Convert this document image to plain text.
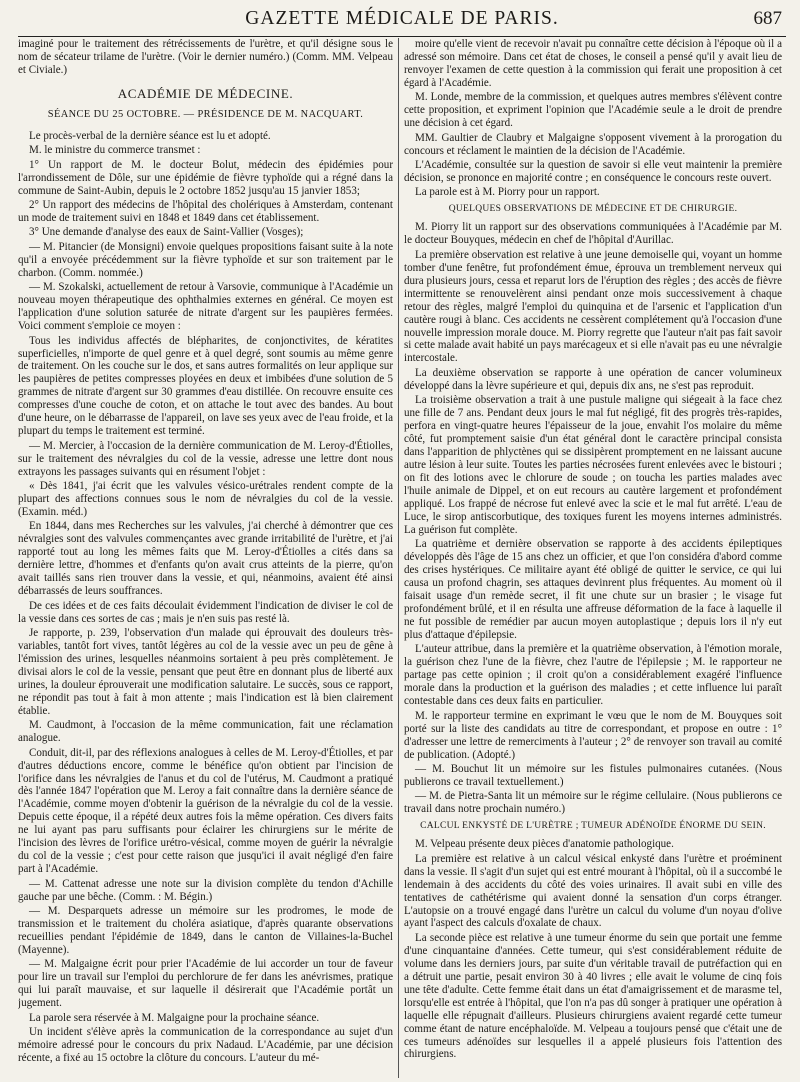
GAZETTE MÉDICALE DE PARIS.	687

imaginé pour le traitement des rétrécissements de l'urètre, et qu'il désigne sous le nom de sécateur trilame de l'urètre. (Voir le dernier numéro.) (Comm. MM. Velpeau et Civiale.)

ACADÉMIE DE MÉDECINE.
SÉANCE DU 25 OCTOBRE. — PRÉSIDENCE DE M. NACQUART.

Le procès-verbal de la dernière séance est lu et adopté.

M. le ministre du commerce transmet :

1° Un rapport de M. le docteur Bolut, médecin des épidémies pour l'arrondissement de Dôle, sur une épidémie de fièvre typhoïde qui a régné dans la commune de Saint-Aubin, depuis le 2 octobre 1852 jusqu'au 15 janvier 1853;

2° Un rapport des médecins de l'hôpital des cholériques à Amsterdam, contenant un mode de traitement suivi en 1848 et 1849 dans cet établissement.

3° Une demande d'analyse des eaux de Saint-Vallier (Vosges);

— M. Pitancier (de Monsigni) envoie quelques propositions faisant suite à la note qu'il a envoyée précédemment sur la fièvre typhoïde et sur son traitement par le charbon. (Comm. nommée.)

— M. Szokalski, actuellement de retour à Varsovie, communique à l'Académie un nouveau moyen thérapeutique des ophthalmies externes en général. Ce moyen est l'application d'une solution saturée de nitrate d'argent sur les paupières fermées. Voici comment s'emploie ce moyen :

Tous les individus affectés de blépharites, de conjonctivites, de kératites superficielles, n'importe de quel genre et à quel degré, sont soumis au même genre de traitement. On les couche sur le dos, et sans autres formalités on leur applique sur les paupières de petites compresses ployées en deux et imbibées d'une solution de 5 grammes de nitrate d'argent sur 30 grammes d'eau distillée. On recouvre ensuite ces compresses d'une couche de coton, et on attache le tout avec des bandes. Au bout d'une heure, on le débarrasse de l'appareil, on lave ses yeux avec de l'eau froide, et la plupart du temps le traitement est terminé.

— M. Mercier, à l'occasion de la dernière communication de M. Leroy-d'Étiolles, sur le traitement des névralgies du col de la vessie, adresse une lettre dont nous extrayons les passages suivants qui en résument l'objet :

« Dès 1841, j'ai écrit que les valvules vésico-urétrales rendent compte de la plupart des affections connues sous le nom de névralgies du col de la vessie. (Examin. méd.)

En 1844, dans mes Recherches sur les valvules, j'ai cherché à démontrer que ces névralgies sont des valvules commençantes avec grande irritabilité de l'urètre, et j'ai rapporté tout au long les mêmes faits que M. Leroy-d'Étiolles a cités dans sa dernière lettre, d'hommes et d'enfants qu'on avait crus atteints de la pierre, qu'on avait taillés sans rien trouver dans la vessie, et qui, néanmoins, avaient été ainsi débarrassés de leurs souffrances.

De ces idées et de ces faits découlait évidemment l'indication de diviser le col de la vessie dans ces sortes de cas ; mais je n'en suis pas resté là.

Je rapporte, p. 239, l'observation d'un malade qui éprouvait des douleurs très-variables, tantôt fort vives, tantôt légères au col de la vessie avec un peu de gêne à l'émission des urines, lesquelles néanmoins sortaient à peu près complètement. Je divisai alors le col de la vessie, pensant que peut être en donnant plus de liberté aux urines, la douleur éprouverait une modification salutaire. Le succès, sous ce rapport, ne répondit pas tout à fait à mon attente ; mais l'indication est là bien clairement établie.

M. Caudmont, à l'occasion de la même communication, fait une réclamation analogue.

Conduit, dit-il, par des réflexions analogues à celles de M. Leroy-d'Étiolles, et par d'autres déductions encore, comme le bénéfice qu'on obtient par l'incision de l'orifice dans les névralgies de l'anus et du col de l'utérus, M. Caudmont a pratiqué dès l'année 1847 l'opération que M. Leroy a fait connaître dans la dernière séance de l'Académie, comme moyen d'obtenir la guérison de la névralgie du col de la vessie. Depuis cette époque, il a répété deux autres fois la même opération. Ces divers faits ne lui ayant pas paru suffisants pour éclairer les chirurgiens sur le mérite de l'incision des lèvres de l'orifice urétro-vésical, comme moyen de guérir la névralgie du col de la vessie ; c'est pour cette raison que jusqu'ici il avait négligé d'en faire part à l'Académie.

— M. Cattenat adresse une note sur la division complète du tendon d'Achille gauche par une bêche. (Comm. : M. Bégin.)

— M. Desparquets adresse un mémoire sur les prodromes, le mode de transmission et le traitement du choléra asiatique, d'après quarante observations recueillies pendant l'épidémie de 1849, dans le canton de Villaines-la-Buchel (Mayenne).

— M. Malgaigne écrit pour prier l'Académie de lui accorder un tour de faveur pour lire un travail sur l'emploi du perchlorure de fer dans les anévrismes, pratique qui lui paraît mauvaise, et sur laquelle il désirerait que l'Académie portât un jugement.

La parole sera réservée à M. Malgaigne pour la prochaine séance.

Un incident s'élève après la communication de la correspondance au sujet d'un mémoire adressé pour le concours du prix Nadaud. L'Académie, par une décision récente, a fixé au 15 octobre la clôture du concours. L'auteur du mé-

moire qu'elle vient de recevoir n'avait pu connaître cette décision à l'époque où il a adressé son mémoire. Dans cet état de choses, le conseil a pensé qu'il y avait lieu de renvoyer l'examen de cette question à la commission qui ferait une proposition à cet égard à l'Académie.

M. Londe, membre de la commission, et quelques autres membres s'élèvent contre cette proposition, et expriment l'opinion que l'Académie seule a le droit de prendre une décision à cet égard.

MM. Gaultier de Claubry et Malgaigne s'opposent vivement à la prorogation du concours et réclament le maintien de la décision de l'Académie.

L'Académie, consultée sur la question de savoir si elle veut maintenir la première décision, se prononce en majorité contre ; en conséquence le concours reste ouvert.

La parole est à M. Piorry pour un rapport.

QUELQUES OBSERVATIONS DE MÉDECINE ET DE CHIRURGIE.

M. Piorry lit un rapport sur des observations communiquées à l'Académie par M. le docteur Bouyques, médecin en chef de l'hôpital d'Aurillac.

La première observation est relative à une jeune demoiselle qui, voyant un homme tomber d'une fenêtre, fut profondément émue, éprouva un tremblement nerveux qui dura plusieurs jours, cessa et reparut lors de l'éruption des règles ; des accès de fièvre intermittente se renouvelèrent ainsi pendant onze mois successivement à chaque retour des règles, malgré l'emploi du quinquina et de l'arsenic et l'application d'un cautère rougi à blanc. Ces accidents ne cessèrent complétement qu'à l'occasion d'une nouvelle impression morale douce. M. Piorry regrette que l'auteur n'ait pas fait savoir si cette malade avait habité un pays marécageux et si elle n'avait pas eu une névralgie intercostale.

La deuxième observation se rapporte à une opération de cancer volumineux développé dans la lèvre supérieure et qui, depuis dix ans, ne s'est pas reproduit.

La troisième observation a trait à une pustule maligne qui siégeait à la face chez une fille de 7 ans. Pendant deux jours le mal fut négligé, fit des progrès très-rapides, perfora en vingt-quatre heures l'épaisseur de la joue, envahit l'os molaire du même côté, fut promptement saisie d'un état général dont le caractère principal consista dans l'apparition de phlyctènes qui se dissipèrent promptement en ne laissant aucune autre lésion à leur suite. Toutes les parties nécrosées furent enlevées avec le bistouri ; on fit des lotions avec le chlorure de soude ; on toucha les parties malades avec l'huile animale de Dippel, et on eut recours au cautère largement et profondément appliqué. Los frappé de nécrose fut enlevé avec la scie et le mal fut arrêté. L'eau de Luce, le sirop antiscorbutique, des toxiques furent les moyens internes administrés. La guérison fut complète.

La quatrième et dernière observation se rapporte à des accidents épileptiques développés dès l'âge de 15 ans chez un officier, et que l'on considéra d'abord comme des crises hystériques. Ce militaire ayant été obligé de quitter le service, ce qui lui causa un profond chagrin, ses attaques devinrent plus fréquentes. Au moment où il faisait usage d'un remède secret, il fit une chute sur un brasier ; le visage fut profondément brûlé, et il en résulta une affreuse déformation de la face à laquelle il ne fut possible de remédier par aucun moyen autoplastique ; depuis lors il n'y eut plus d'attaque d'épilepsie.

L'auteur attribue, dans la première et la quatrième observation, à l'émotion morale, la guérison chez l'une de la fièvre, chez l'autre de l'épilepsie ; M. le rapporteur ne partage pas cette opinion ; il croit qu'on a considérablement exagéré l'influence morale dans la production et la guérison des maladies ; et cette influence lui paraît contestable dans ces deux faits en particulier.

M. le rapporteur termine en exprimant le vœu que le nom de M. Bouyques soit porté sur la liste des candidats au titre de correspondant, et propose en outre : 1° d'adresser une lettre de remerciments à l'auteur ; 2° de renvoyer son travail au comité de publication. (Adopté.)

— M. Bouchut lit un mémoire sur les fistules pulmonaires cutanées. (Nous publierons ce travail textuellement.)

— M. de Pietra-Santa lit un mémoire sur le régime cellulaire. (Nous publierons ce travail dans notre prochain numéro.)

CALCUL ENKYSTÉ DE L'URÈTRE ; TUMEUR ADÉNOÏDE ÉNORME DU SEIN.

M. Velpeau présente deux pièces d'anatomie pathologique.

La première est relative à un calcul vésical enkysté dans l'urètre et proéminent dans la vessie. Il s'agit d'un sujet qui est entré mourant à l'hôpital, où il a succombé le lendemain à des accidents du côté des voies urinaires. Il avait subi en ville des tentatives de cathétérisme qui avaient donné la sensation d'un corps étranger. L'autopsie on a trouvé engagé dans l'urètre un calcul du volume d'un noyau d'olive ayant l'aspect des calculs d'oxalate de chaux.

La seconde pièce est relative à une tumeur énorme du sein que portait une femme d'une cinquantaine d'années. Cette tumeur, qui s'est considérablement réduite de volume dans les derniers jours, par suite d'un véritable travail de putréfaction qui en a détruit une partie, pesait environ 30 à 40 livres ; elle avait le volume de cinq fois une tête d'adulte. Cette femme était dans un état d'amaigrissement et de marasme tel, lorsqu'elle est entrée à l'hôpital, que l'on n'a pas dû songer à pratiquer une opération à laquelle elle répugnait d'ailleurs. Plusieurs chirurgiens avaient regardé cette tumeur comme étant de nature encéphaloïde. M. Velpeau a toujours pensé que c'était une de ces tumeurs adénoïdes sur lesquelles il a appelé plusieurs fois l'attention des chirurgiens.
